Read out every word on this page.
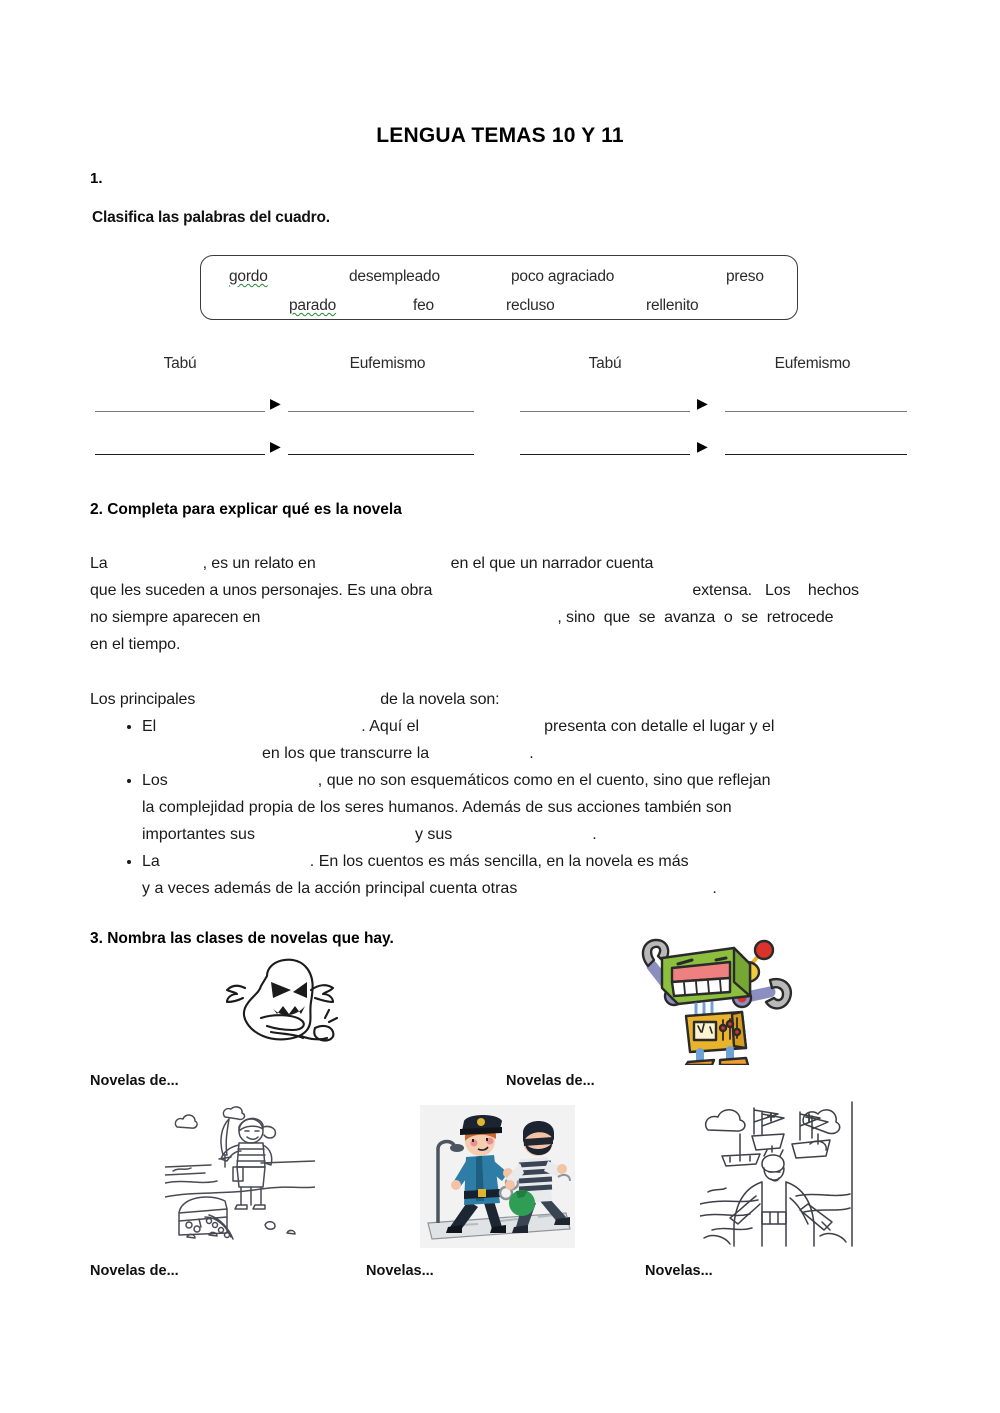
LENGUA TEMAS 10 Y 11
1.
Clasifica las palabras del cuadro.
gordo	desempleado	poco agraciado	preso
parado	feo	recluso	rellenito
Tabú	Eufemismo	Tabú	Eufemismo
▶	▶
▶	▶
2. Completa para explicar qué es la novela
La	, es un relato en	en el que un narrador cuenta
que les suceden a unos personajes. Es una obra	extensa.   Los    hechos
no siempre aparecen en	, sino  que  se  avanza  o  se  retrocede
en el tiempo.
Los principales	de la novela son:
• El	. Aquí el	presenta con detalle el lugar y el
en los que transcurre la	.
• Los	, que no son esquemáticos como en el cuento, sino que reflejan
la complejidad propia de los seres humanos. Además de sus acciones también son
importantes sus	y sus	.
• La	. En los cuentos es más sencilla, en la novela es más
y a veces además de la acción principal cuenta otras	.
3. Nombra las clases de novelas que hay.
Novelas de...	Novelas de...
Novelas de...	Novelas...	Novelas...
